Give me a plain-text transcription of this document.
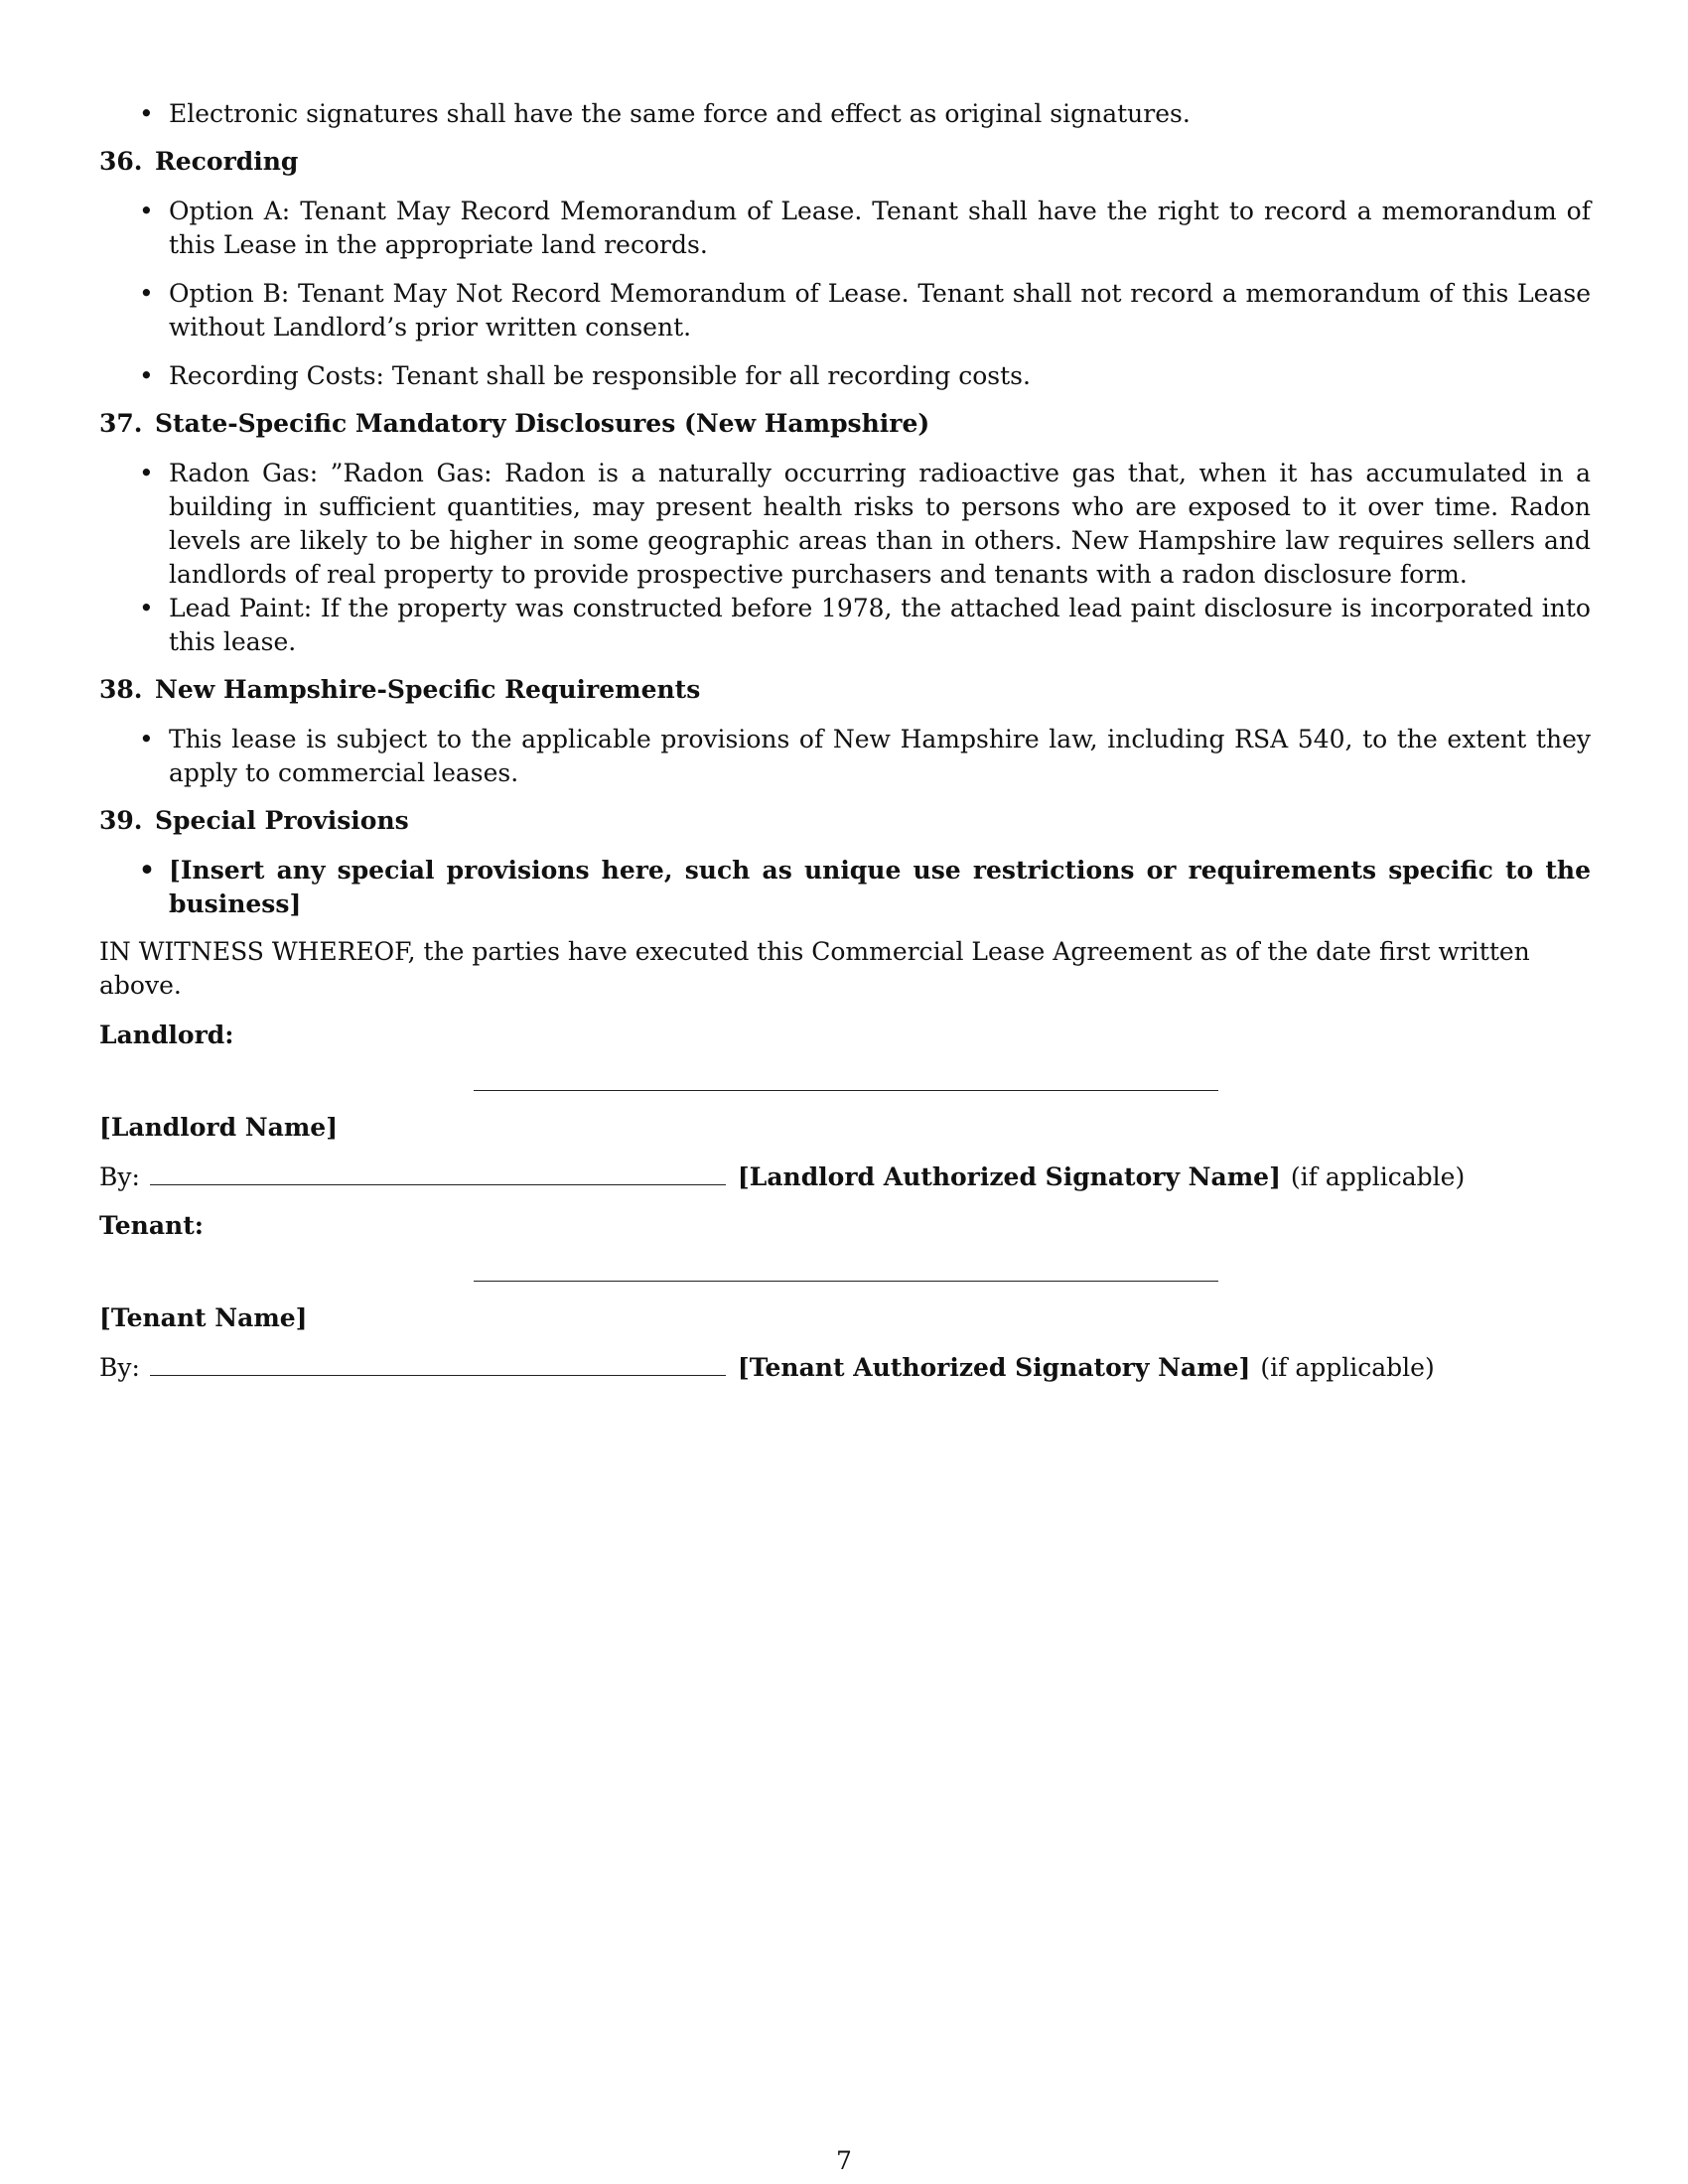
• Electronic signatures shall have the same force and effect as original signatures.
36. Recording
• Option A: Tenant May Record Memorandum of Lease. Tenant shall have the right to record a memorandum of this Lease in the appropriate land records.
• Option B: Tenant May Not Record Memorandum of Lease. Tenant shall not record a memorandum of this Lease without Landlord’s prior written consent.
• Recording Costs: Tenant shall be responsible for all recording costs.
37. State-Specific Mandatory Disclosures (New Hampshire)
• Radon Gas: ”Radon Gas: Radon is a naturally occurring radioactive gas that, when it has accumulated in a building in sufficient quantities, may present health risks to persons who are exposed to it over time. Radon levels are likely to be higher in some geographic areas than in others. New Hampshire law requires sellers and landlords of real property to provide prospective purchasers and tenants with a radon disclosure form.
• Lead Paint: If the property was constructed before 1978, the attached lead paint disclosure is incorporated into this lease.
38. New Hampshire-Specific Requirements
• This lease is subject to the applicable provisions of New Hampshire law, including RSA 540, to the extent they apply to commercial leases.
39. Special Provisions
• [Insert any special provisions here, such as unique use restrictions or requirements specific to the business]
IN WITNESS WHEREOF, the parties have executed this Commercial Lease Agreement as of the date first written above.
Landlord:
[Landlord Name]
By:	[Landlord Authorized Signatory Name] (if applicable)
Tenant:
[Tenant Name]
By:	[Tenant Authorized Signatory Name] (if applicable)
7
